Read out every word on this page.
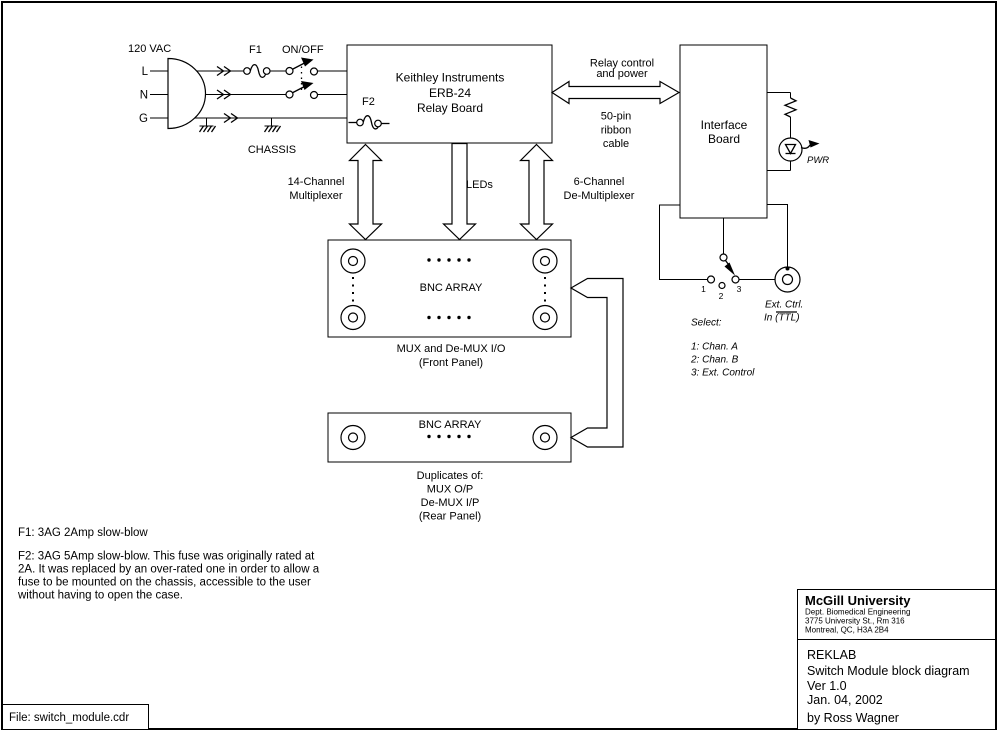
120 VAC
L
N
G
F1 ON/OFF
CHASSIS
Keithley Instruments
ERB-24
Relay Board
F2
Relay control
and power
50-pin
ribbon
cable
Interface
Board
PWR
14-Channel
Multiplexer
LEDs	6-Channel
De-Multiplexer
BNC ARRAY
MUX and De-MUX I/O
(Front Panel)
BNC ARRAY
Duplicates of:
MUX O/P
De-MUX I/P
(Rear Panel)
1
2
3
Select:
1: Chan. A
2: Chan. B
3: Ext. Control
Ext. Ctrl.
In (TTL)
F1: 3AG 2Amp slow-blow
F2: 3AG 5Amp slow-blow. This fuse was originally rated at
2A. It was replaced by an over-rated one in order to allow a
fuse to be mounted on the chassis, accessible to the user
without having to open the case.	McGill University
Dept. Biomedical Engineering
3775 University St., Rm 316
Montreal, QC, H3A 2B4
REKLAB
Switch Module block diagram
Ver 1.0
Jan. 04, 2002
by Ross Wagner
File: switch_module.cdr
